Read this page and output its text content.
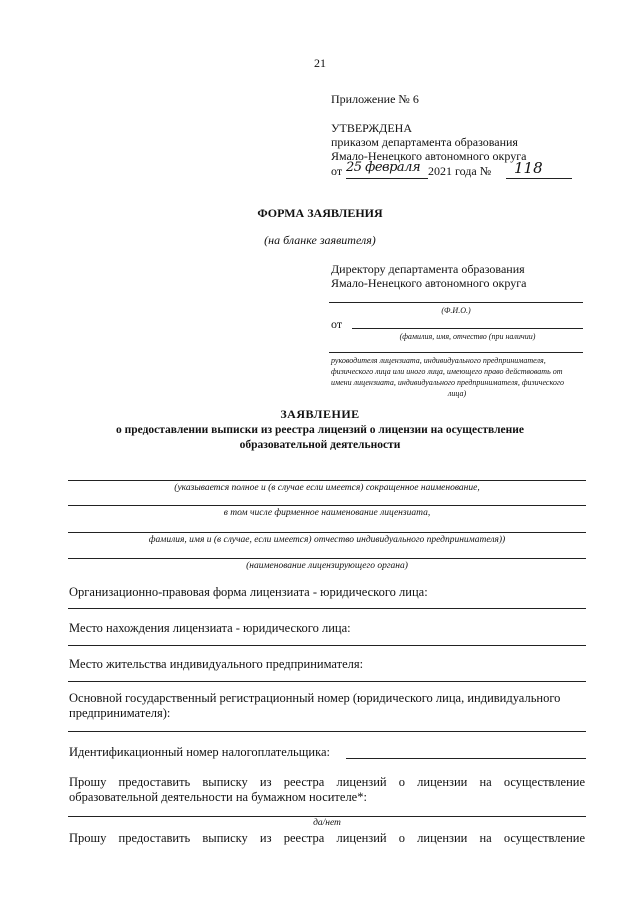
21
Приложение № 6
УТВЕРЖДЕНА
приказом департамента образования
Ямало-Ненецкого автономного округа
от 25 февраля 2021 года № 118
ФОРМА ЗАЯВЛЕНИЯ
(на бланке заявителя)
Директору департамента образования
Ямало-Ненецкого автономного округа
(Ф.И.О.)
от
(фамилия, имя, отчество (при наличии)
руководителя лицензиата, индивидуального предпринимателя,
физического лица или иного лица, имеющего право действовать от
имени лицензиата, индивидуального предпринимателя, физического
лица)
ЗАЯВЛЕНИЕ
о предоставлении выписки из реестра лицензий о лицензии на осуществление
образовательной деятельности
(указывается полное и (в случае если имеется) сокращенное наименование,
в том числе фирменное наименование лицензиата,
фамилия, имя и (в случае, если имеется) отчество индивидуального предпринимателя))
(наименование лицензирующего органа)
Организационно-правовая форма лицензиата - юридического лица:
Место нахождения лицензиата - юридического лица:
Место жительства индивидуального предпринимателя:
Основной государственный регистрационный номер (юридического лица, индивидуального
предпринимателя):
Идентификационный номер налогоплательщика:
Прошу предоставить выписку из реестра лицензий о лицензии на осуществление
образовательной деятельности на бумажном носителе*:
да/нет
Прошу предоставить выписку из реестра лицензий о лицензии на осуществление
